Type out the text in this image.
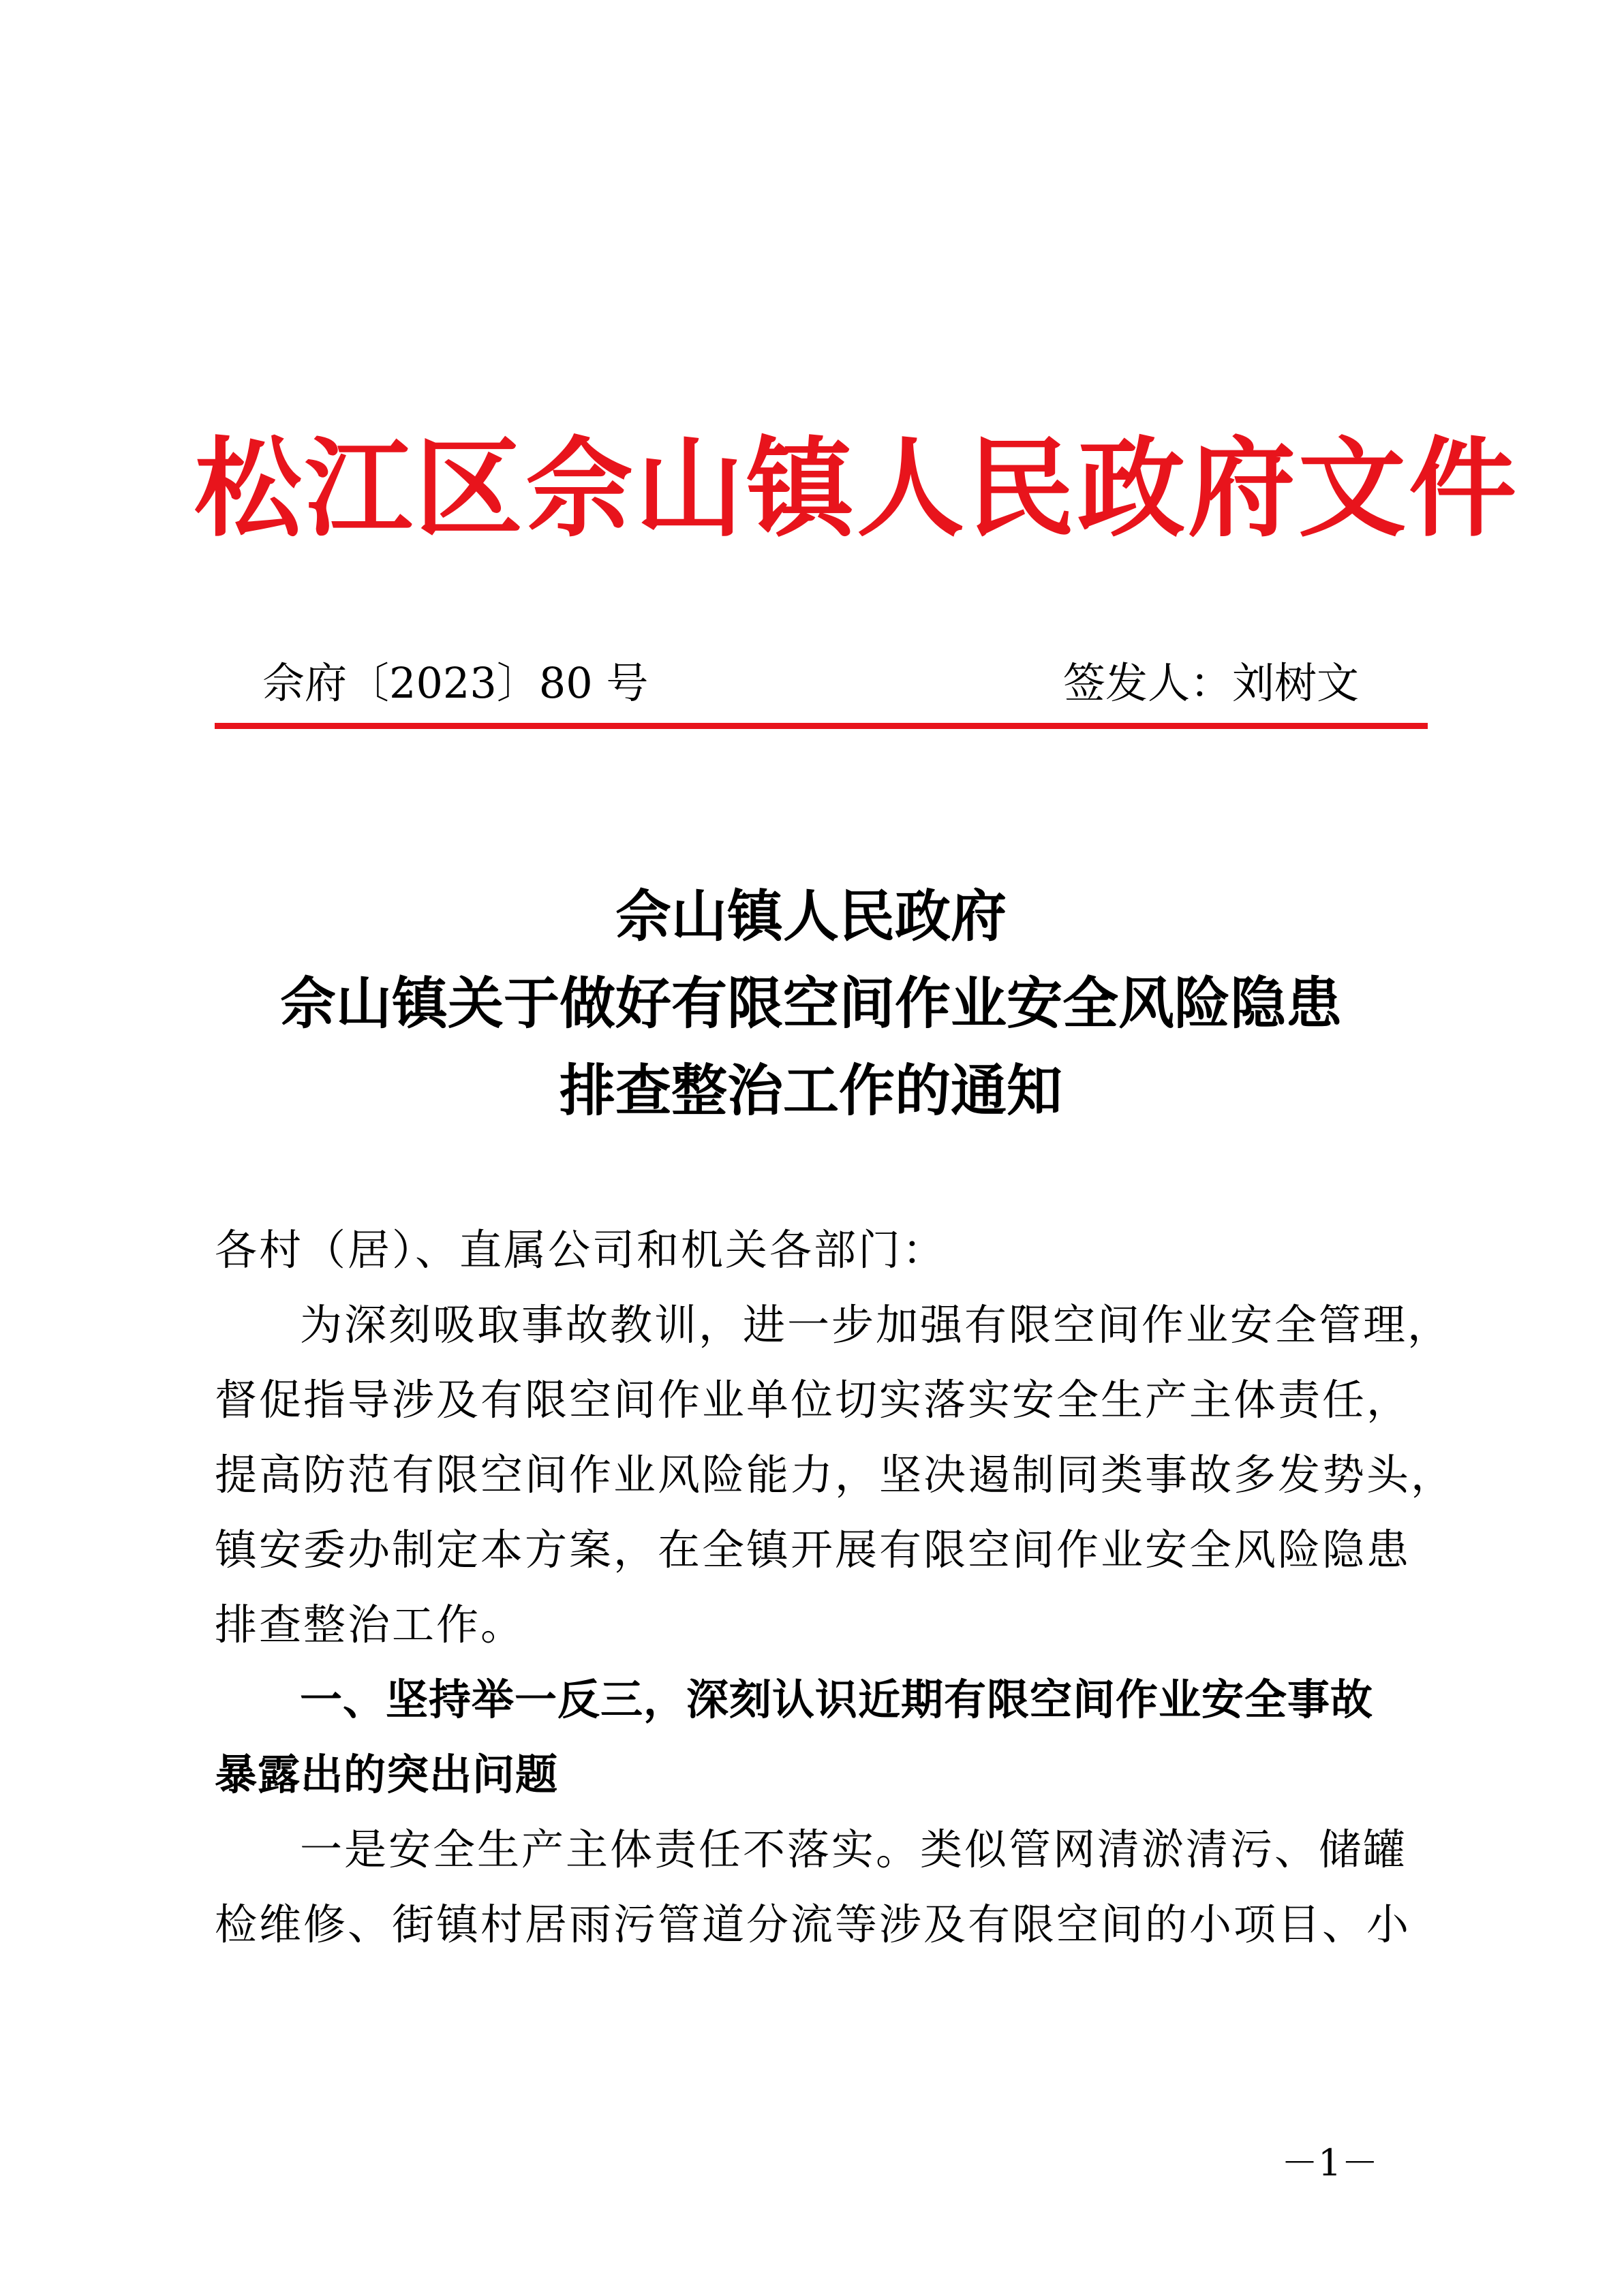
松江区佘山镇人民政府文件
佘府〔2023〕80 号	签发人：刘树文
佘山镇人民政府
佘山镇关于做好有限空间作业安全风险隐患
排查整治工作的通知
各村（居）、直属公司和机关各部门：
为深刻吸取事故教训，进一步加强有限空间作业安全管理，
督促指导涉及有限空间作业单位切实落实安全生产主体责任，
提高防范有限空间作业风险能力，坚决遏制同类事故多发势头，
镇安委办制定本方案，在全镇开展有限空间作业安全风险隐患
排查整治工作。
一、坚持举一反三，深刻认识近期有限空间作业安全事故
暴露出的突出问题
一是安全生产主体责任不落实。类似管网清淤清污、储罐
检维修、街镇村居雨污管道分流等涉及有限空间的小项目、小
－1－
